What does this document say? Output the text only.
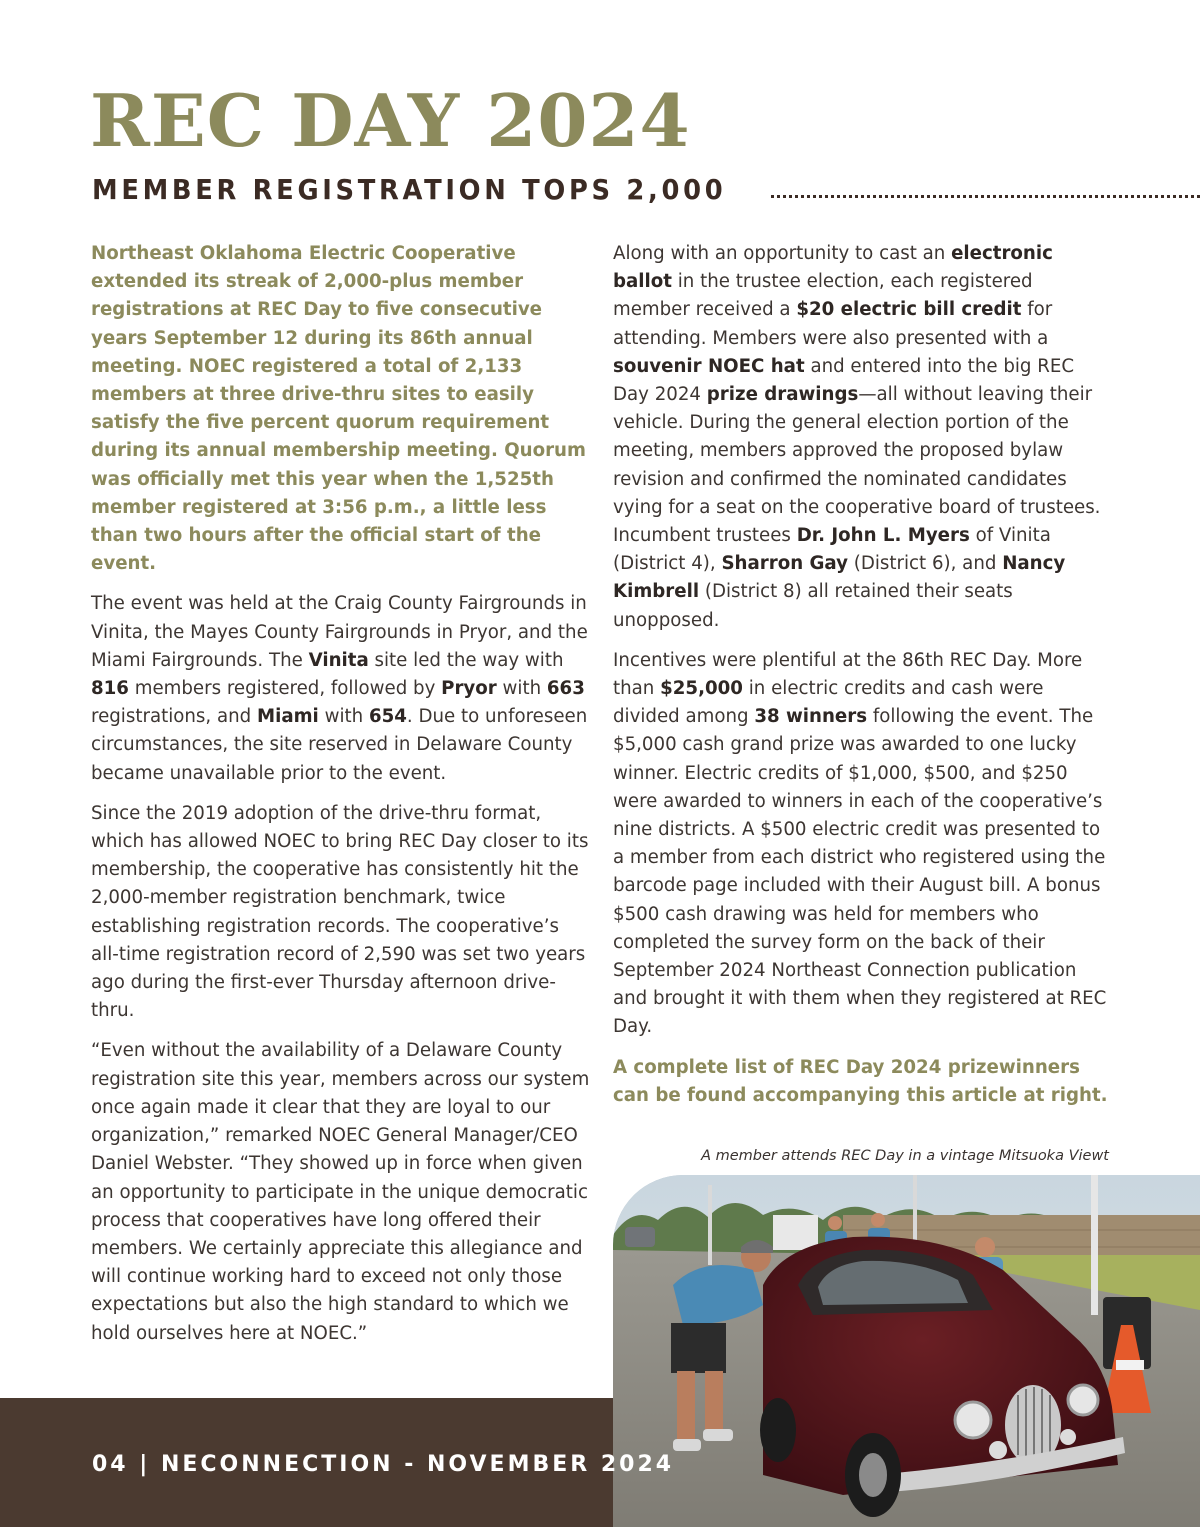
REC DAY 2024
MEMBER REGISTRATION TOPS 2,000

Northeast Oklahoma Electric Cooperative extended its streak of 2,000-plus member registrations at REC Day to five consecutive years September 12 during its 86th annual meeting. NOEC registered a total of 2,133 members at three drive-thru sites to easily satisfy the five percent quorum requirement during its annual membership meeting. Quorum was officially met this year when the 1,525th member registered at 3:56 p.m., a little less than two hours after the official start of the event.

The event was held at the Craig County Fairgrounds in Vinita, the Mayes County Fairgrounds in Pryor, and the Miami Fairgrounds. The Vinita site led the way with 816 members registered, followed by Pryor with 663 registrations, and Miami with 654. Due to unforeseen circumstances, the site reserved in Delaware County became unavailable prior to the event.

Since the 2019 adoption of the drive-thru format, which has allowed NOEC to bring REC Day closer to its membership, the cooperative has consistently hit the 2,000-member registration benchmark, twice establishing registration records. The cooperative’s all-time registration record of 2,590 was set two years ago during the first-ever Thursday afternoon drive-thru.

“Even without the availability of a Delaware County registration site this year, members across our system once again made it clear that they are loyal to our organization,” remarked NOEC General Manager/CEO Daniel Webster. “They showed up in force when given an opportunity to participate in the unique democratic process that cooperatives have long offered their members. We certainly appreciate this allegiance and will continue working hard to exceed not only those expectations but also the high standard to which we hold ourselves here at NOEC.”

Along with an opportunity to cast an electronic ballot in the trustee election, each registered member received a $20 electric bill credit for attending. Members were also presented with a souvenir NOEC hat and entered into the big REC Day 2024 prize drawings—all without leaving their vehicle. During the general election portion of the meeting, members approved the proposed bylaw revision and confirmed the nominated candidates vying for a seat on the cooperative board of trustees. Incumbent trustees Dr. John L. Myers of Vinita (District 4), Sharron Gay (District 6), and Nancy Kimbrell (District 8) all retained their seats unopposed.

Incentives were plentiful at the 86th REC Day. More than $25,000 in electric credits and cash were divided among 38 winners following the event. The $5,000 cash grand prize was awarded to one lucky winner. Electric credits of $1,000, $500, and $250 were awarded to winners in each of the cooperative’s nine districts. A $500 electric credit was presented to a member from each district who registered using the barcode page included with their August bill. A bonus $500 cash drawing was held for members who completed the survey form on the back of their September 2024 Northeast Connection publication and brought it with them when they registered at REC Day.

A complete list of REC Day 2024 prizewinners can be found accompanying this article at right.

A member attends REC Day in a vintage Mitsuoka Viewt
04 | NECONNECTION - NOVEMBER 2024
